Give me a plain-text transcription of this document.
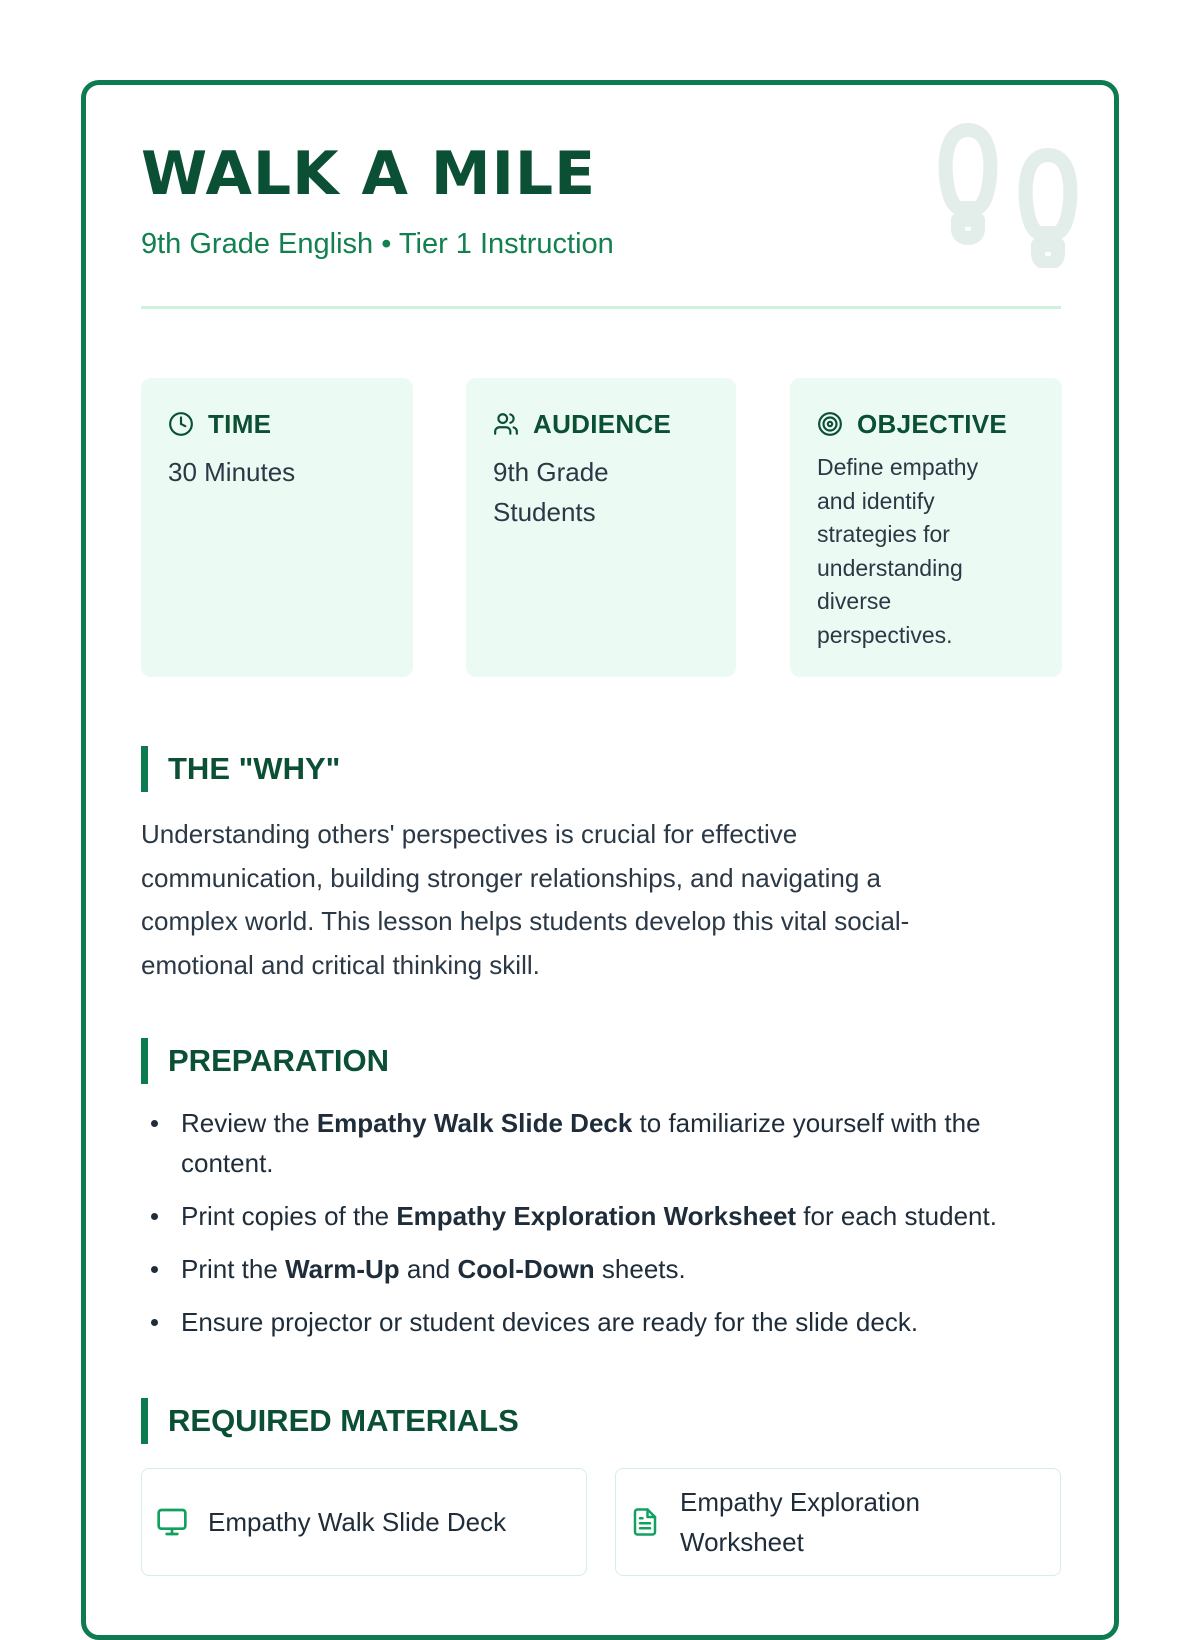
WALK A MILE
9th Grade English • Tier 1 Instruction
TIME
30 Minutes
AUDIENCE
9th Grade
Students
OBJECTIVE
Define empathy
and identify
strategies for
understanding
diverse
perspectives.
THE "WHY"
Understanding others' perspectives is crucial for effective
communication, building stronger relationships, and navigating a
complex world. This lesson helps students develop this vital social-
emotional and critical thinking skill.
PREPARATION
Review the Empathy Walk Slide Deck to familiarize yourself with the
content.
Print copies of the Empathy Exploration Worksheet for each student.
Print the Warm-Up and Cool-Down sheets.
Ensure projector or student devices are ready for the slide deck.
REQUIRED MATERIALS
Empathy Walk Slide Deck
Empathy Exploration
Worksheet
